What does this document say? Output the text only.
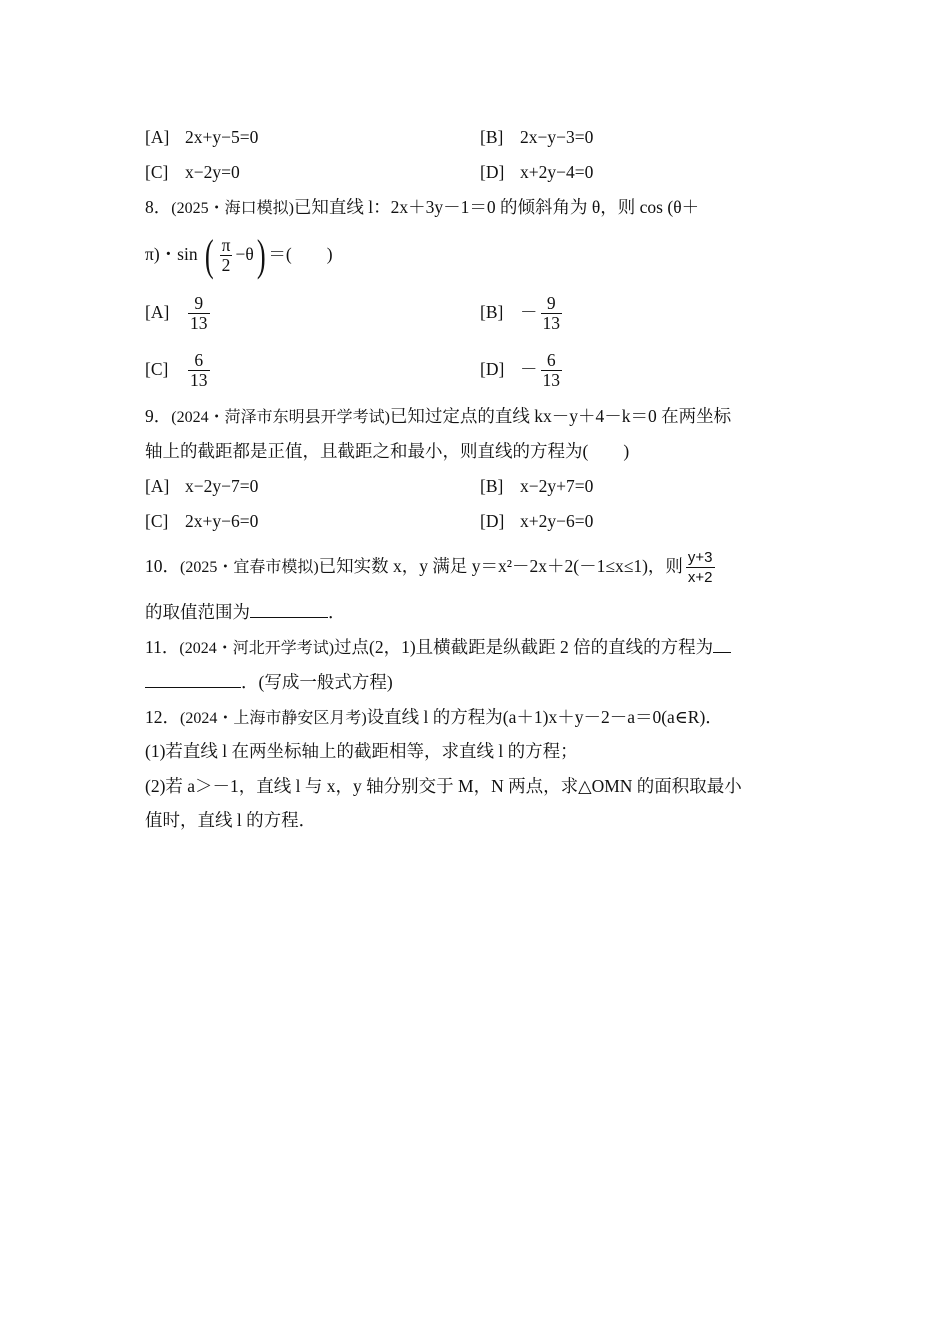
[A] 2x+y−5=0	[B] 2x−y−3=0
[C] x−2y=0	[D] x+2y−4=0
8．(2025・海口模拟)已知直线 l：2x＋3y－1＝0 的倾斜角为 θ，则 cos (θ＋
π)・sin ( $\frac{\pi}{2} -\theta$) ＝(　　)
$[A] \frac{9}{13}$	$[B] - \frac{9}{13}$
$[C] \frac{6}{13}$	$[D] - \frac{6}{13}$
9．(2024・菏泽市东明县开学考试)已知过定点的直线 kx－y＋4－k＝0 在两坐标
轴上的截距都是正值，且截距之和最小，则直线的方程为(　　)
[A] x−2y−7=0	[B] x−2y+7=0
[C] 2x+y−6=0	[D] x+2y−6=0
10．(2025・宜春市模拟)已知实数 x，y 满足 y＝x²－2x＋2(－1≤x≤1)，则 $\frac{y+3}{x+2}$
的取值范围为	．
11．(2024・河北开学考试)过点(2，1)且横截距是纵截距 2 倍的直线的方程为
．(写成一般式方程)
12．(2024・上海市静安区月考)设直线 l 的方程为(a＋1)x＋y－2－a＝0(a∈R)．
(1)若直线 l 在两坐标轴上的截距相等，求直线 l 的方程；
(2)若 a＞－1，直线 l 与 x，y 轴分别交于 M，N 两点，求△OMN 的面积取最小
值时，直线 l 的方程．
